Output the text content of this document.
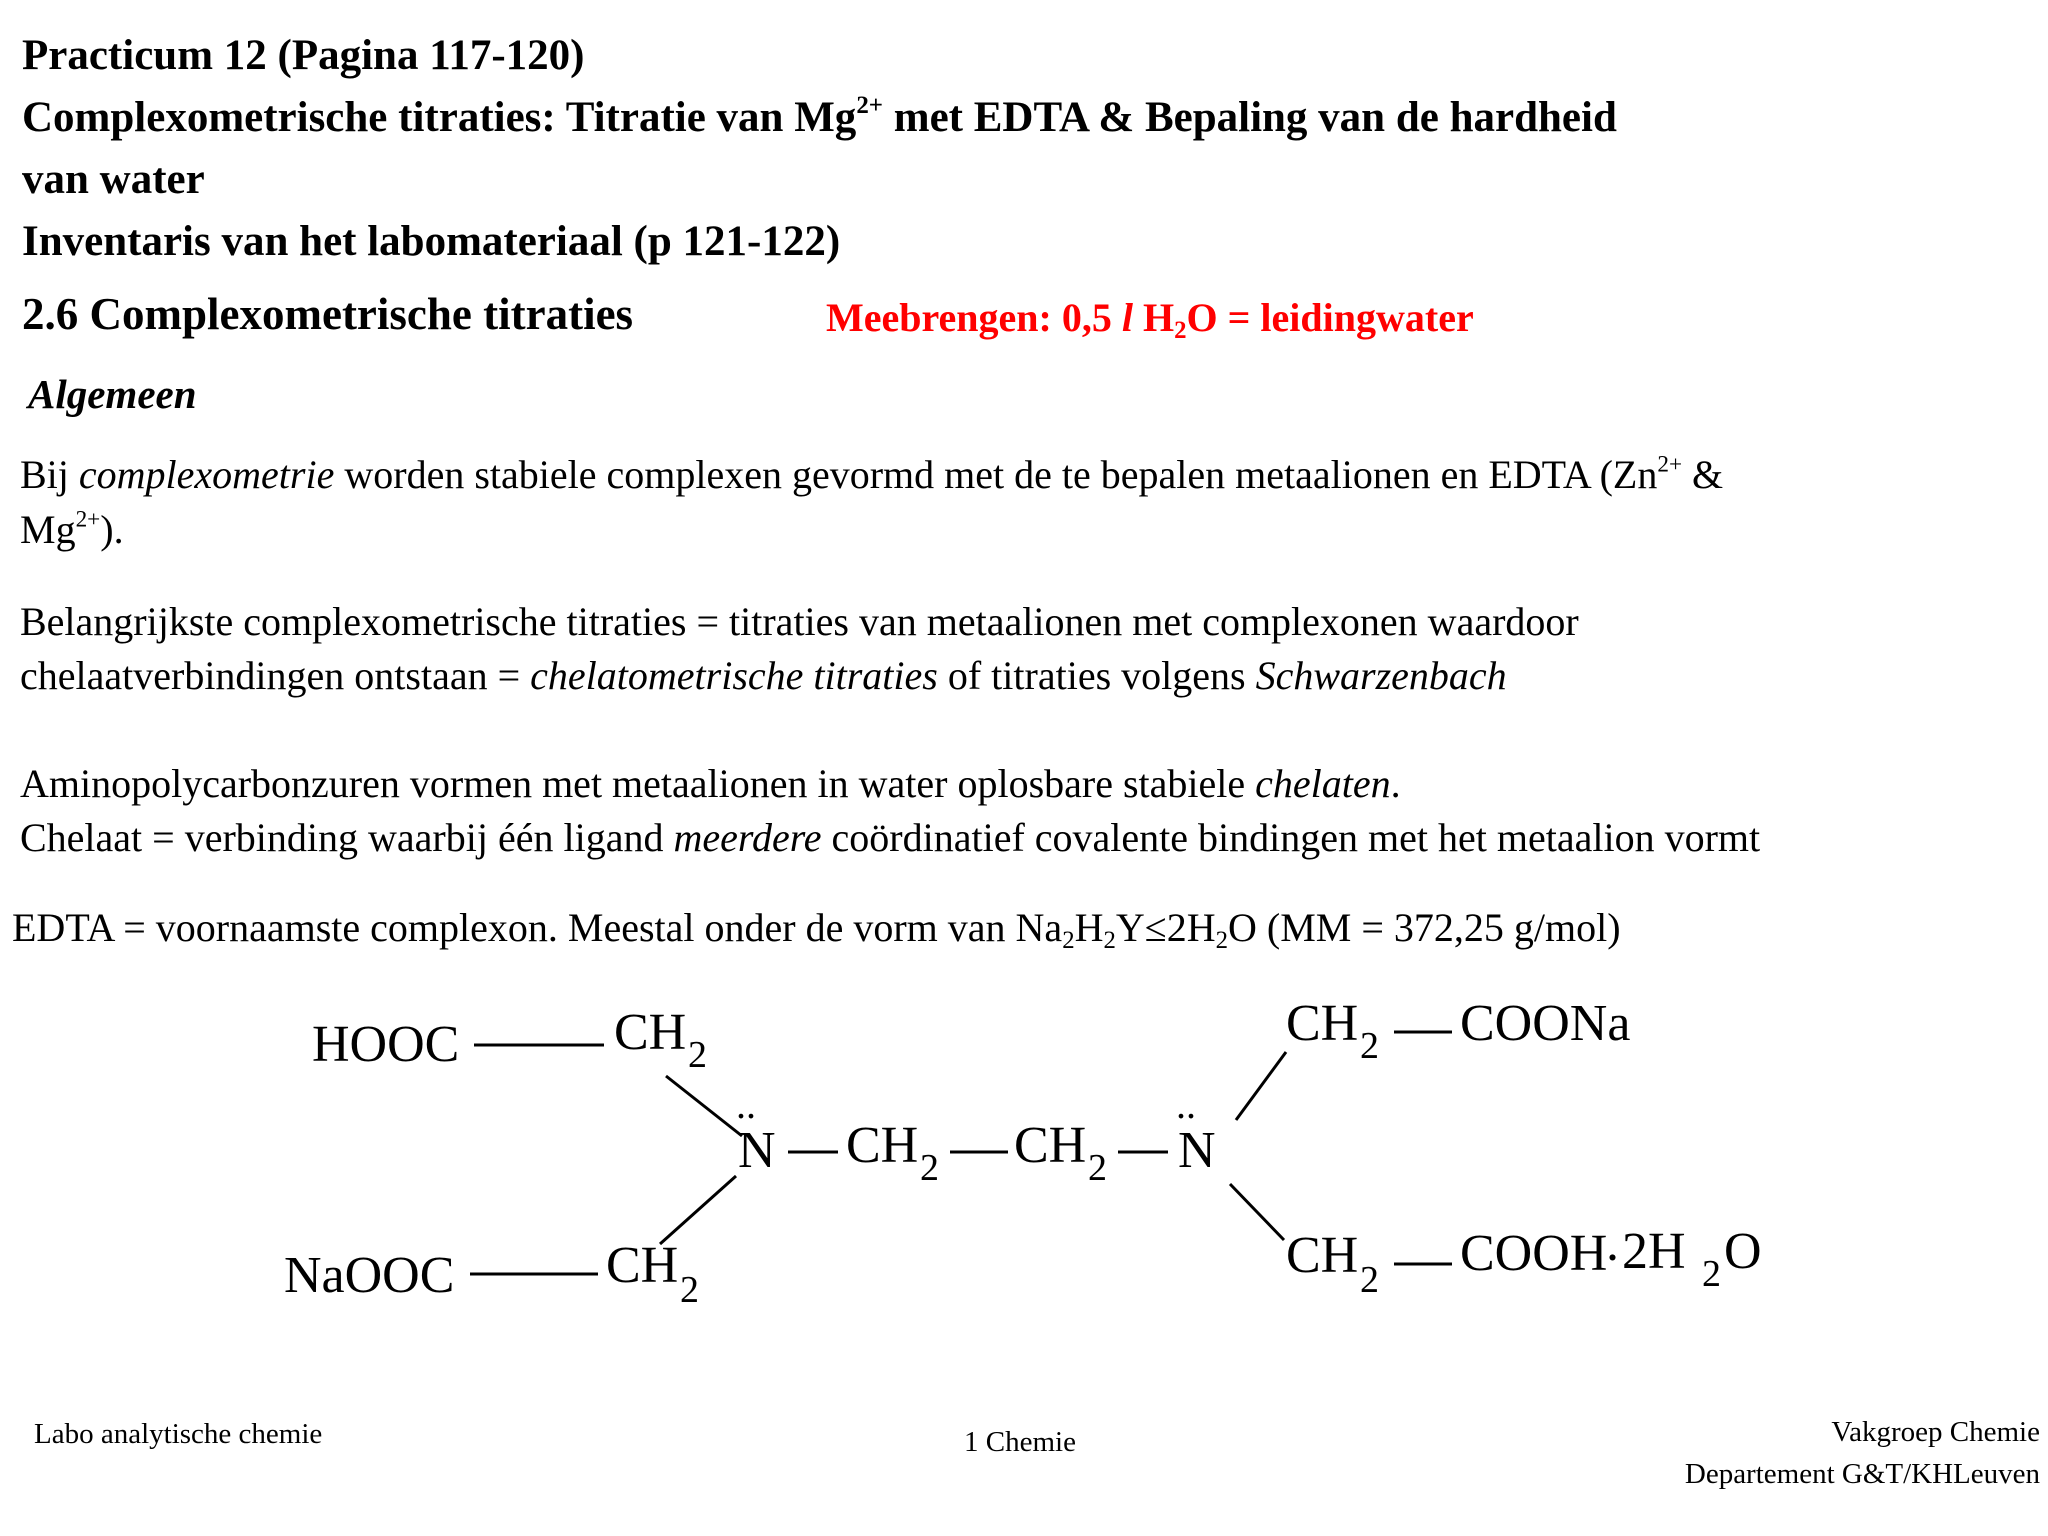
Practicum 12 (Pagina 117-120)
Complexometrische titraties: Titratie van $Mg^{2+}$ met EDTA & Bepaling van de hardheid
van water
Inventaris van het labomateriaal (p 121-122)
2.6 Complexometrische titraties	Meebrengen: 0,5 l $H_2O$ = leidingwater
Algemeen
Bij complexometrie worden stabiele complexen gevormd met de te bepalen metaalionen en EDTA ($Zn^{2+}$ &
$Mg^{2+}$).
Belangrijkste complexometrische titraties = titraties van metaalionen met complexonen waardoor
chelaatverbindingen ontstaan = chelatometrische titraties of titraties volgens Schwarzenbach
Aminopolycarbonzuren vormen met metaalionen in water oplosbare stabiele chelaten.
Chelaat = verbinding waarbij één ligand meerdere coördinatief covalente bindingen met het metaalion vormt
EDTA = voornaamste complexon. Meestal onder de vorm van $Na_2H_2Y\le 2H_2O$ (MM = 372,25 g/mol)
HOOC	CH 2
..
N CH 2 CH 2
..
N
NaOOC	CH 2
CH 2 COONa
CH 2 COOH
. 2H 2 O
Labo analytische chemie	1 Chemie	Vakgroep Chemie
Departement G&T/KHLeuven
